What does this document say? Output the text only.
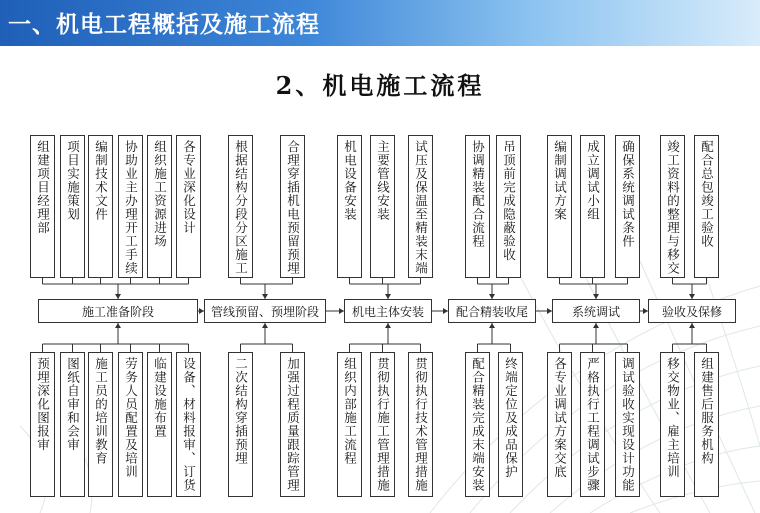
一、机电工程概括及施工流程
2、机电施工流程
施工准备阶段
组建项目经理部 项目实施策划 编制技术文件 协助业主办理开工手续 组织施工资源进场 各专业深化设计
预埋深化图报审 图纸自审和会审 施工员的培训教育 劳务人员配置及培训 临建设施布置 设备、材料报审、订货
管线预留、预埋阶段
根据结构分段分区施工	合理穿插机电预留预埋
二次结构穿插预埋	加强过程质量跟踪管理
机电主体安装
机电设备安装 主要管线安装 试压及保温至精装末端
组织内部施工流程 贯彻执行施工管理措施 贯彻执行技术管理措施
配合精装收尾
协调精装配合流程 吊顶前完成隐蔽验收
配合精装完成末端安装 终端定位及成品保护
系统调试
编制调试方案 成立调试小组 确保系统调试条件
各专业调试方案交底 严格执行工程调试步骤 调试验收实现设计功能
验收及保修
竣工资料的整理与移交 配合总包竣工验收
移交物业、雇主培训 组建售后服务机构
